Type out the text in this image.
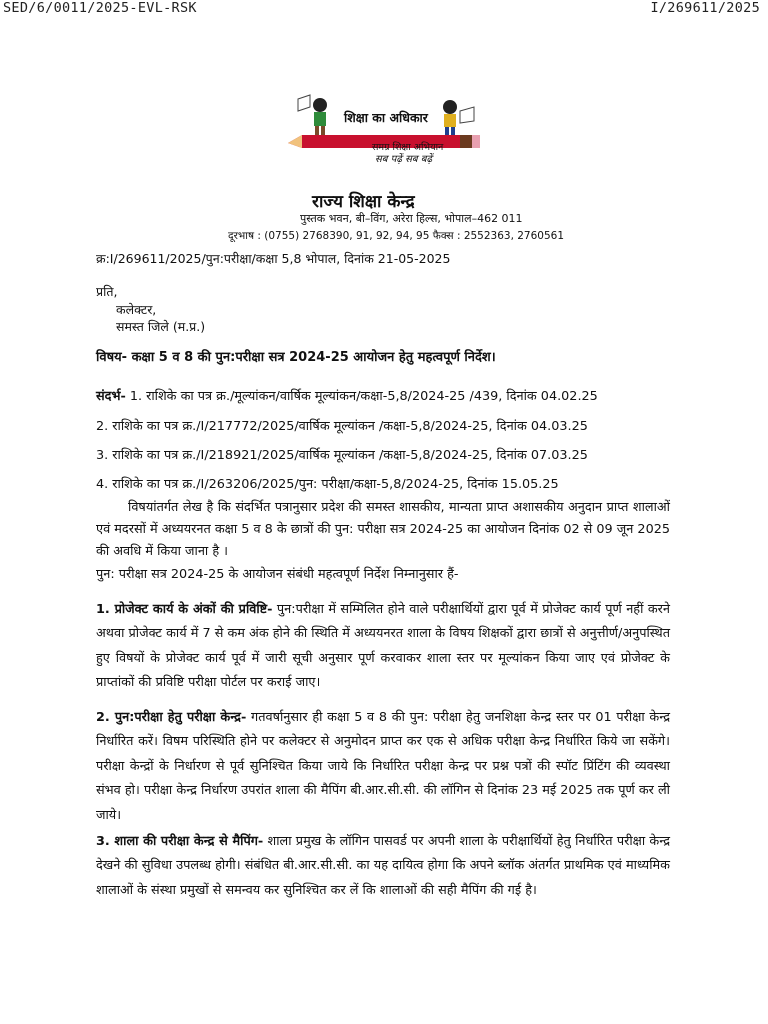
SED/6/0011/2025-EVL-RSK	I/269611/2025
शिक्षा का अधिकार
समग्र शिक्षा अभियान
सब पढ़ें सब बढ़ें
राज्य शिक्षा केन्द्र
पुस्तक भवन, बी–विंग, अरेरा हिल्स, भोपाल–462 011
दूरभाष : (0755) 2768390, 91, 92, 94, 95 फैक्स : 2552363, 2760561
क्र:I/269611/2025/पुन:परीक्षा/कक्षा 5,8 भोपाल, दिनांक 21-05-2025
प्रति,
कलेक्टर,
समस्त जिले (म.प्र.)
विषय- कक्षा 5 व 8 की पुन:परीक्षा सत्र 2024-25 आयोजन हेतु महत्वपूर्ण निर्देश।
संदर्भ- 1. राशिके का पत्र क्र./मूल्यांकन/वार्षिक मूल्यांकन/कक्षा-5,8/2024-25 /439, दिनांक 04.02.25
2. राशिके का पत्र क्र./I/217772/2025/वार्षिक मूल्यांकन /कक्षा-5,8/2024-25, दिनांक 04.03.25
3. राशिके का पत्र क्र./I/218921/2025/वार्षिक मूल्यांकन /कक्षा-5,8/2024-25, दिनांक 07.03.25
4. राशिके का पत्र क्र./I/263206/2025/पुन: परीक्षा/कक्षा-5,8/2024-25, दिनांक 15.05.25

विषयांतर्गत लेख है कि संदर्भित पत्रानुसार प्रदेश की समस्त शासकीय, मान्यता प्राप्त अशासकीय अनुदान प्राप्त शालाओं एवं मदरसों में अध्ययरनत कक्षा 5 व 8 के छात्रों की पुन: परीक्षा सत्र 2024-25 का आयोजन दिनांक 02 से 09 जून 2025 की अवधि में किया जाना है ।

पुन: परीक्षा सत्र 2024-25 के आयोजन संबंधी महत्वपूर्ण निर्देश निम्नानुसार हैं-

1. प्रोजेक्ट कार्य के अंकों की प्रविष्टि- पुन:परीक्षा में सम्मिलित होने वाले परीक्षार्थियों द्वारा पूर्व में प्रोजेक्ट कार्य पूर्ण नहीं करने अथवा प्रोजेक्ट कार्य में 7 से कम अंक होने की स्थिति में अध्ययनरत शाला के विषय शिक्षकों द्वारा छात्रों से अनुत्तीर्ण/अनुपस्थित हुए विषयों के प्रोजेक्ट कार्य पूर्व में जारी सूची अनुसार पूर्ण करवाकर शाला स्तर पर मूल्यांकन किया जाए एवं प्रोजेक्ट के प्राप्तांकों की प्रविष्टि परीक्षा पोर्टल पर कराई जाए।

2. पुन:परीक्षा हेतु परीक्षा केन्द्र- गतवर्षानुसार ही कक्षा 5 व 8 की पुन: परीक्षा हेतु जनशिक्षा केन्द्र स्तर पर 01 परीक्षा केन्द्र निर्धारित करें। विषम परिस्थिति होने पर कलेक्टर से अनुमोदन प्राप्त कर एक से अधिक परीक्षा केन्द्र निर्धारित किये जा सकेंगे। परीक्षा केन्द्रों के निर्धारण से पूर्व सुनिश्चित किया जाये कि निर्धारित परीक्षा केन्द्र पर प्रश्न पत्रों की स्पॉट प्रिंटिंग की व्यवस्था संभव हो। परीक्षा केन्द्र निर्धारण उपरांत शाला की मैपिंग बी.आर.सी.सी. की लॉगिन से दिनांक 23 मई 2025 तक पूर्ण कर ली जाये।

3. शाला की परीक्षा केन्द्र से मैपिंग- शाला प्रमुख के लॉगिन पासवर्ड पर अपनी शाला के परीक्षार्थियों हेतु निर्धारित परीक्षा केन्द्र देखने की सुविधा उपलब्ध होगी। संबंधित बी.आर.सी.सी. का यह दायित्व होगा कि अपने ब्लॉक अंतर्गत प्राथमिक एवं माध्यमिक शालाओं के संस्था प्रमुखों से समन्वय कर सुनिश्चित कर लें कि शालाओं की सही मैपिंग की गई है।
